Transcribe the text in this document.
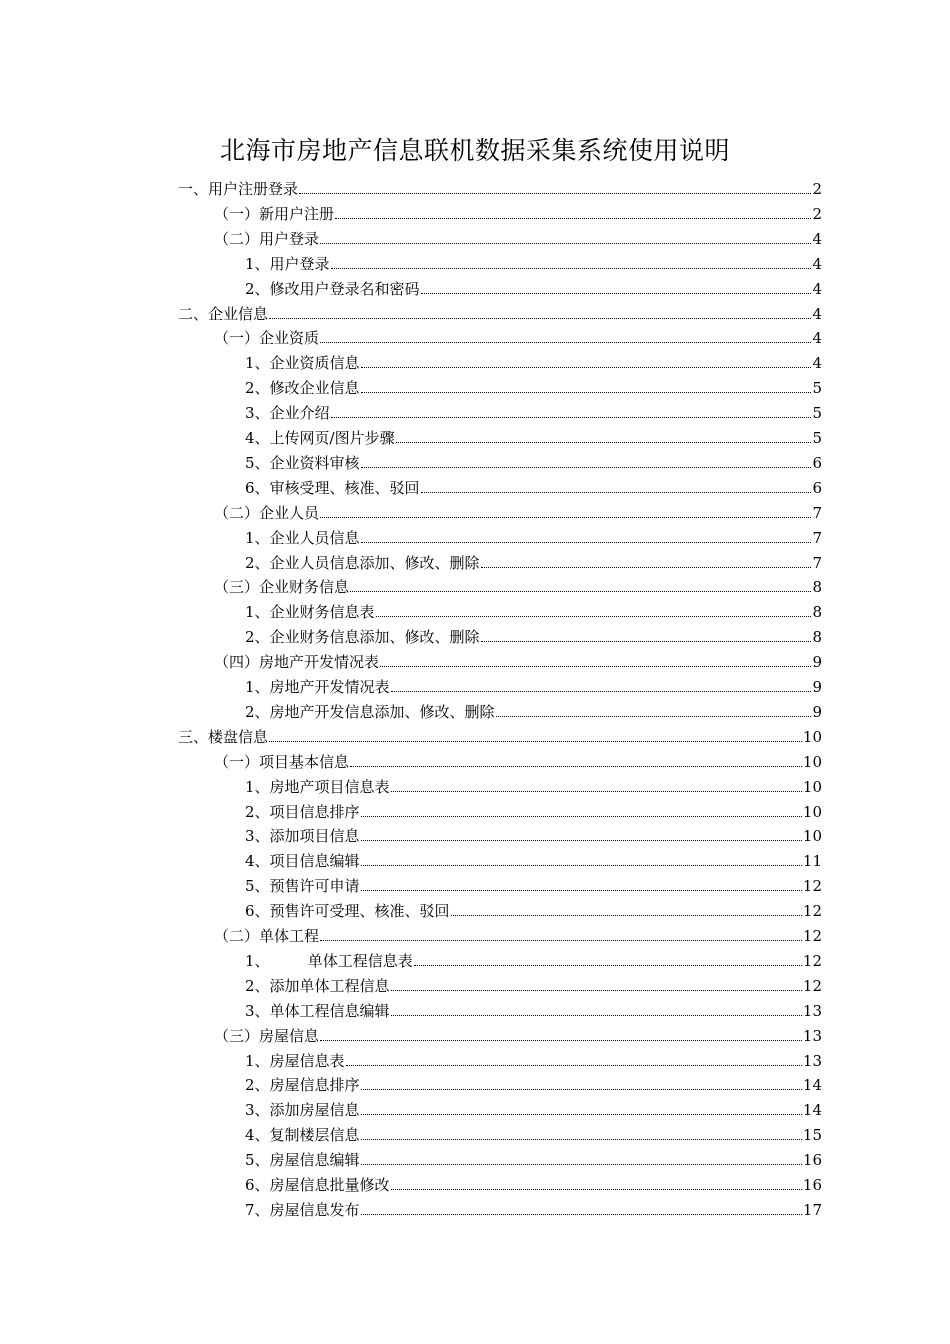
北海市房地产信息联机数据采集系统使用说明
一、用户注册登录	2
（一）新用户注册	2
（二）用户登录	4
1、用户登录	4
2、修改用户登录名和密码	4
二、企业信息	4
（一）企业资质	4
1、企业资质信息	4
2、修改企业信息	5
3、企业介绍	5
4、上传网页/图片步骤	5
5、企业资料审核	6
6、审核受理、核准、驳回	6
（二）企业人员	7
1、企业人员信息	7
2、企业人员信息添加、修改、删除	7
（三）企业财务信息	8
1、企业财务信息表	8
2、企业财务信息添加、修改、删除	8
（四）房地产开发情况表	9
1、房地产开发情况表	9
2、房地产开发信息添加、修改、删除	9
三、楼盘信息	10
（一）项目基本信息	10
1、房地产项目信息表	10
2、项目信息排序	10
3、添加项目信息	10
4、项目信息编辑	11
5、预售许可申请	12
6、预售许可受理、核准、驳回	12
（二）单体工程	12
1、        单体工程信息表	12
2、添加单体工程信息	12
3、单体工程信息编辑	13
（三）房屋信息	13
1、房屋信息表	13
2、房屋信息排序	14
3、添加房屋信息	14
4、复制楼层信息	15
5、房屋信息编辑	16
6、房屋信息批量修改	16
7、房屋信息发布	17
